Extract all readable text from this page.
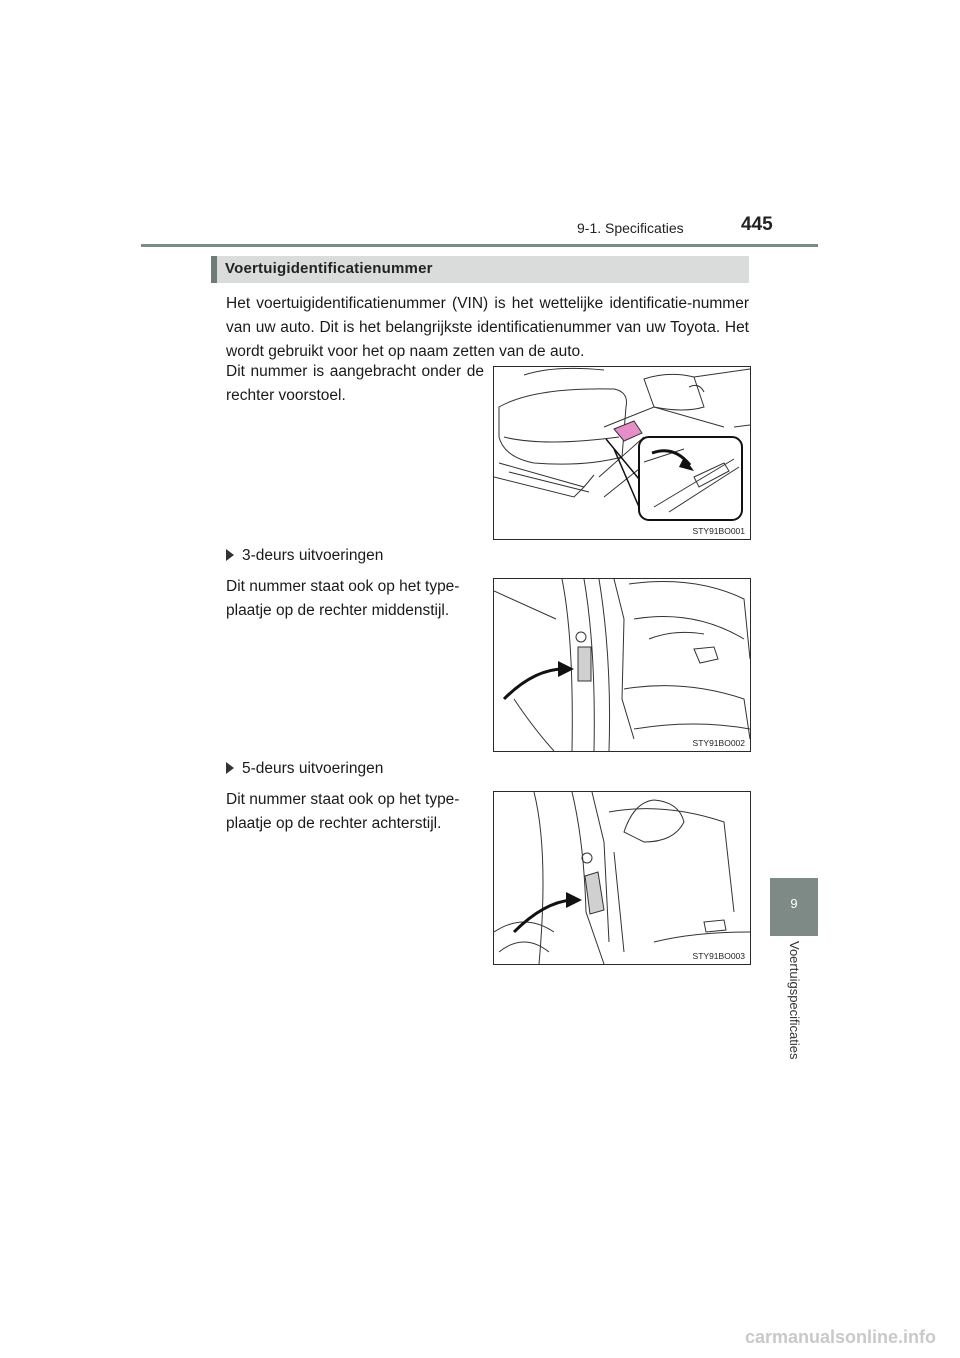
9-1. Specificaties	445
Voertuigidentificatienummer
Het voertuigidentificatienummer (VIN) is het wettelijke identificatie-nummer van uw auto. Dit is het belangrijkste identificatienummer van uw Toyota. Het wordt gebruikt voor het op naam zetten van de auto.
Dit nummer is aangebracht onder de rechter voorstoel.
STY91BO001
3-deurs uitvoeringen
Dit nummer staat ook op het type-plaatje op de rechter middenstijl.
STY91BO002
5-deurs uitvoeringen
Dit nummer staat ook op het type-plaatje op de rechter achterstijl.
STY91BO003
9
Voertuigspecificaties
carmanualsonline.info
